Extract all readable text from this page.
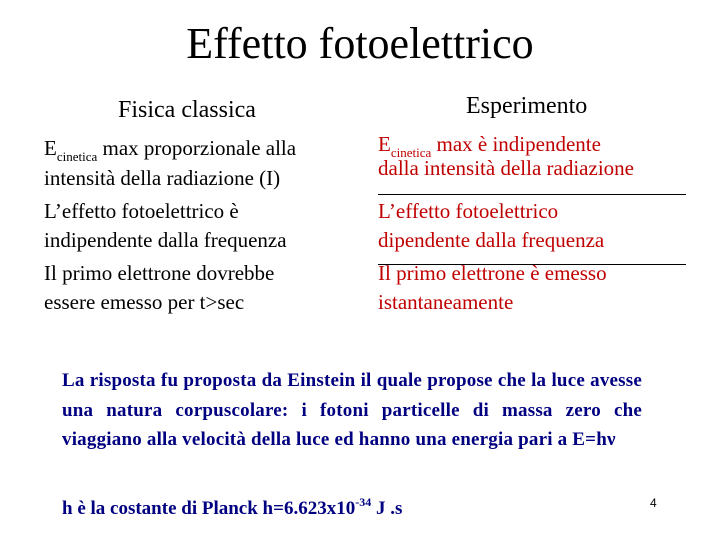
Effetto fotoelettrico
Fisica classica	Esperimento
$E_{cinetica}$ max proporzionale alla
intensità della radiazione (I)
L’effetto fotoelettrico è
indipendente dalla frequenza
Il primo elettrone dovrebbe
essere emesso per t>sec
$E_{cinetica}$ max è indipendente
dalla intensità della radiazione
L’effetto fotoelettrico
dipendente dalla frequenza
Il primo elettrone è emesso
istantaneamente
La risposta fu proposta da Einstein il quale propose che la luce avesse una natura corpuscolare: i fotoni particelle di massa zero che viaggiano alla velocità della luce ed hanno una energia pari a E=hν
h è la costante di Planck $h=6.623x10^{-34}$ J .s	4
